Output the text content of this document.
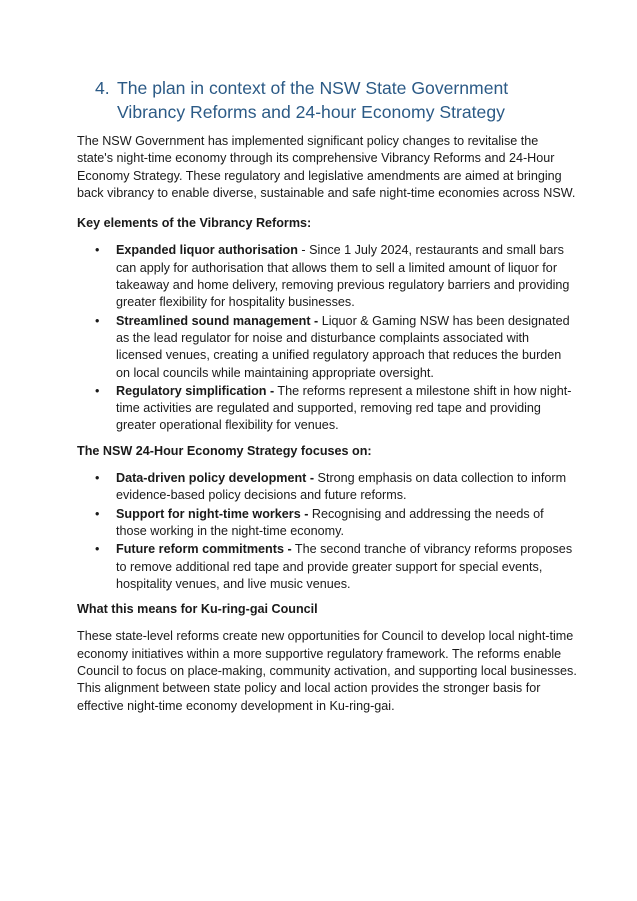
4. The plan in context of the NSW State Government Vibrancy Reforms and 24-hour Economy Strategy

The NSW Government has implemented significant policy changes to revitalise the state's night-time economy through its comprehensive Vibrancy Reforms and 24-Hour Economy Strategy. These regulatory and legislative amendments are aimed at bringing back vibrancy to enable diverse, sustainable and safe night-time economies across NSW.

Key elements of the Vibrancy Reforms:

• Expanded liquor authorisation - Since 1 July 2024, restaurants and small bars can apply for authorisation that allows them to sell a limited amount of liquor for takeaway and home delivery, removing previous regulatory barriers and providing greater flexibility for hospitality businesses.
• Streamlined sound management - Liquor & Gaming NSW has been designated as the lead regulator for noise and disturbance complaints associated with licensed venues, creating a unified regulatory approach that reduces the burden on local councils while maintaining appropriate oversight.
• Regulatory simplification - The reforms represent a milestone shift in how night-time activities are regulated and supported, removing red tape and providing greater operational flexibility for venues.

The NSW 24-Hour Economy Strategy focuses on:

• Data-driven policy development - Strong emphasis on data collection to inform evidence-based policy decisions and future reforms.
• Support for night-time workers - Recognising and addressing the needs of those working in the night-time economy.
• Future reform commitments - The second tranche of vibrancy reforms proposes to remove additional red tape and provide greater support for special events, hospitality venues, and live music venues.

What this means for Ku-ring-gai Council

These state-level reforms create new opportunities for Council to develop local night-time economy initiatives within a more supportive regulatory framework. The reforms enable Council to focus on place-making, community activation, and supporting local businesses. This alignment between state policy and local action provides the stronger basis for effective night-time economy development in Ku-ring-gai.
